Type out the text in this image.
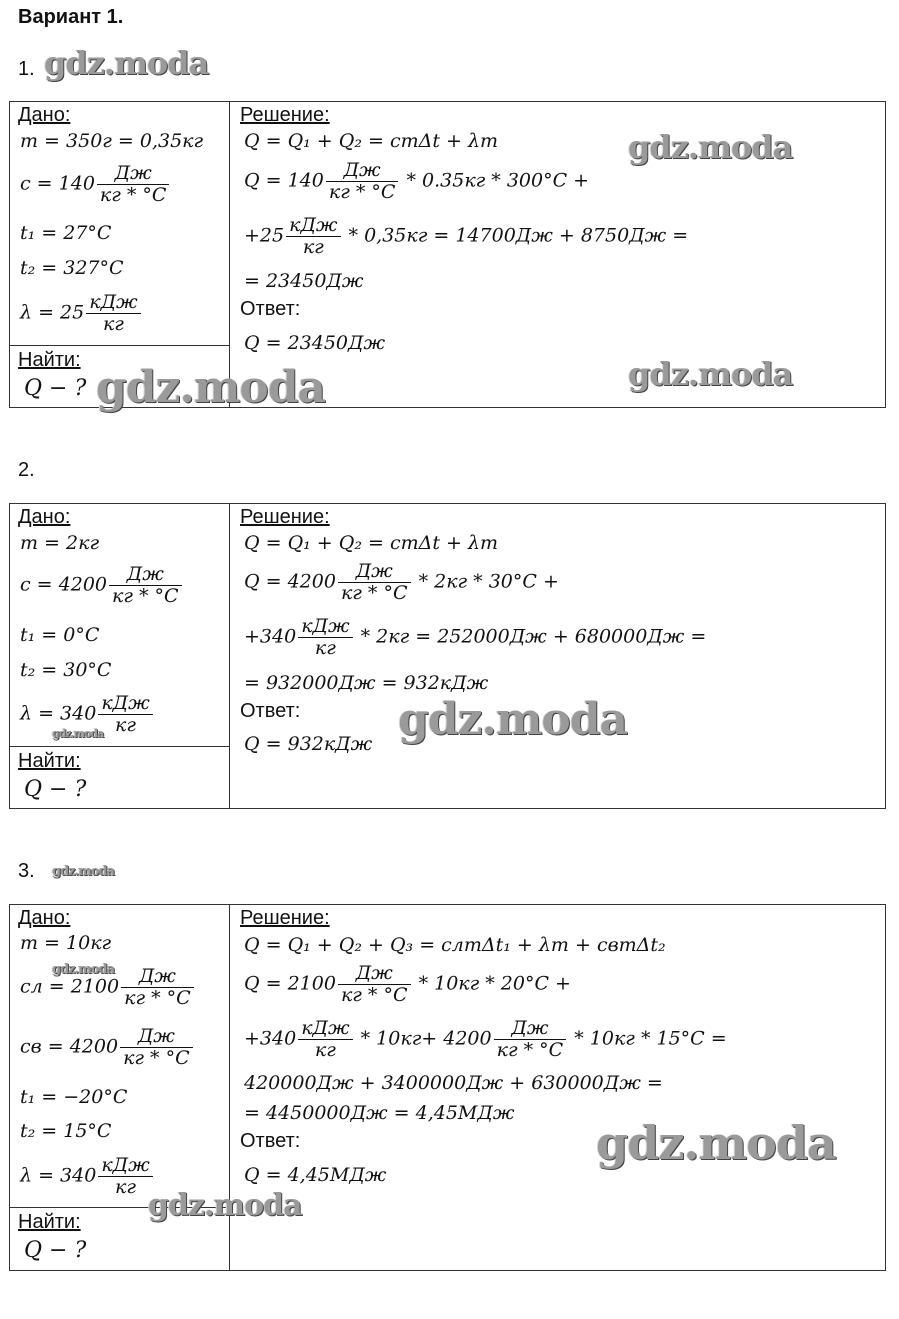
Вариант 1.
1. gdz.moda
Дано:
m = 350г = 0,35кг
$c = 140 \frac{Дж}{кг * ^\circ C}$
t₁ = 27°C
t₂ = 327°C
$\lambda = 25 \frac{\text{кДж}}{кг}$
Найти:
Q − ? gdz.moda
Решение:
Q = Q₁ + Q₂ = cmΔt + λm	gdz.moda
$Q = 140 \frac{Дж}{кг * ^\circ C} * 0.35кг * 300^\circ C$ +
$+25 \frac{\text{кДж}}{кг} * 0,35кг = 14700Дж + 8750Дж$ =
= 23450Дж
Ответ:
Q = 23450Дж
gdz.moda
2.
Дано:
m = 2кг
$c = 4200 \frac{Дж}{кг * ^\circ C}$
t₁ = 0°C
t₂ = 30°C
$\lambda = 340 \frac{\text{кДж}}{кг}$
gdz.moda
Найти:
Q − ?
Решение:
Q = Q₁ + Q₂ = cmΔt + λm
$Q = 4200 \frac{Дж}{кг * ^\circ C} * 2кг * 30^\circ C$ +
$+340 \frac{\text{кДж}}{кг} * 2кг = 252000Дж + 680000Дж$ =
= 932000Дж = 932кДж
Ответ:
Q = 932кДж gdz.moda
3. gdz.moda
Дано:
m = 10кг
gdz.moda
cл = $2100 \frac{Дж}{кг * ^\circ C}$
cв = $4200 \frac{Дж}{кг * ^\circ C}$
t₁ = −20°C
t₂ = 15°C
$\lambda = 340 \frac{\text{кДж}}{кг}$
gdz.moda
Найти:
Q − ?
Решение:
Q = Q₁ + Q₂ + Q₃ = cлmΔt₁ + λm + cвmΔt₂
$Q = 2100 \frac{Дж}{кг * ^\circ C} * 10кг * 20^\circ C$ +
$+340 \frac{\text{кДж}}{кг} * 10кг+ 4200 \frac{Дж}{кг * ^\circ C} * 10кг * 15^\circ C$ =
420000Дж + 3400000Дж + 630000Дж =
= 4450000Дж = 4,45МДж
Ответ:
Q = 4,45МДж
gdz.moda
